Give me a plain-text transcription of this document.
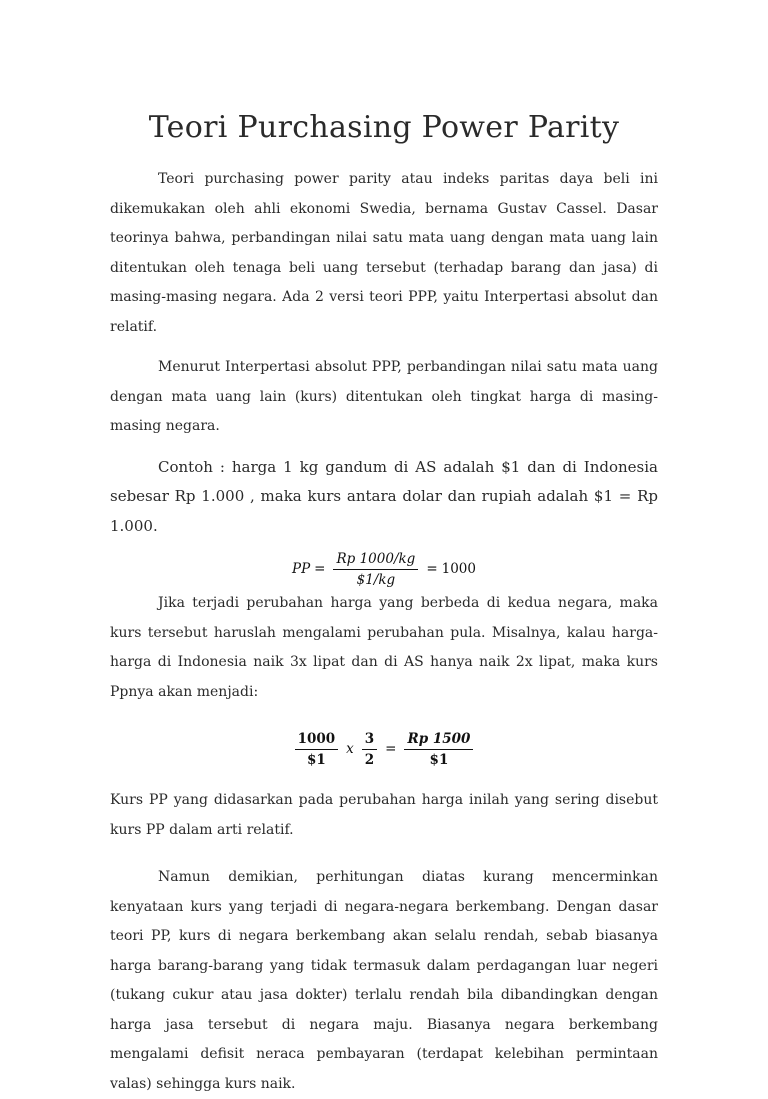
Teori Purchasing Power Parity

Teori purchasing power parity atau indeks paritas daya beli ini dikemukakan oleh ahli ekonomi Swedia, bernama Gustav Cassel. Dasar teorinya bahwa, perbandingan nilai satu mata uang dengan mata uang lain ditentukan oleh tenaga beli uang tersebut (terhadap barang dan jasa) di masing-masing negara. Ada 2 versi teori PPP, yaitu Interpertasi absolut dan relatif.

Menurut Interpertasi absolut PPP, perbandingan nilai satu mata uang dengan mata uang lain (kurs) ditentukan oleh tingkat harga di masing-masing negara.

Contoh : harga 1 kg gandum di AS adalah $1 dan di Indonesia sebesar Rp 1.000 , maka kurs antara dolar dan rupiah adalah $1 = Rp 1.000.

PP = $\frac{Rp 1000/kg}{\$1/kg} = 1000$

Jika terjadi perubahan harga yang berbeda di kedua negara, maka kurs tersebut haruslah mengalami perubahan pula. Misalnya, kalau harga-harga di Indonesia naik 3x lipat dan di AS hanya naik 2x lipat, maka kurs Ppnya akan menjadi:

$\frac{1000}{\$1}$ x $\frac{3}{2} = \frac{Rp 1500}{\$1}$

Kurs PP yang didasarkan pada perubahan harga inilah yang sering disebut kurs PP dalam arti relatif.

Namun demikian, perhitungan diatas kurang mencerminkan kenyataan kurs yang terjadi di negara-negara berkembang. Dengan dasar teori PP, kurs di negara berkembang akan selalu rendah, sebab biasanya harga barang-barang yang tidak termasuk dalam perdagangan luar negeri (tukang cukur atau jasa dokter) terlalu rendah bila dibandingkan dengan harga jasa tersebut di negara maju. Biasanya negara berkembang mengalami defisit neraca pembayaran (terdapat kelebihan permintaan valas) sehingga kurs naik.
